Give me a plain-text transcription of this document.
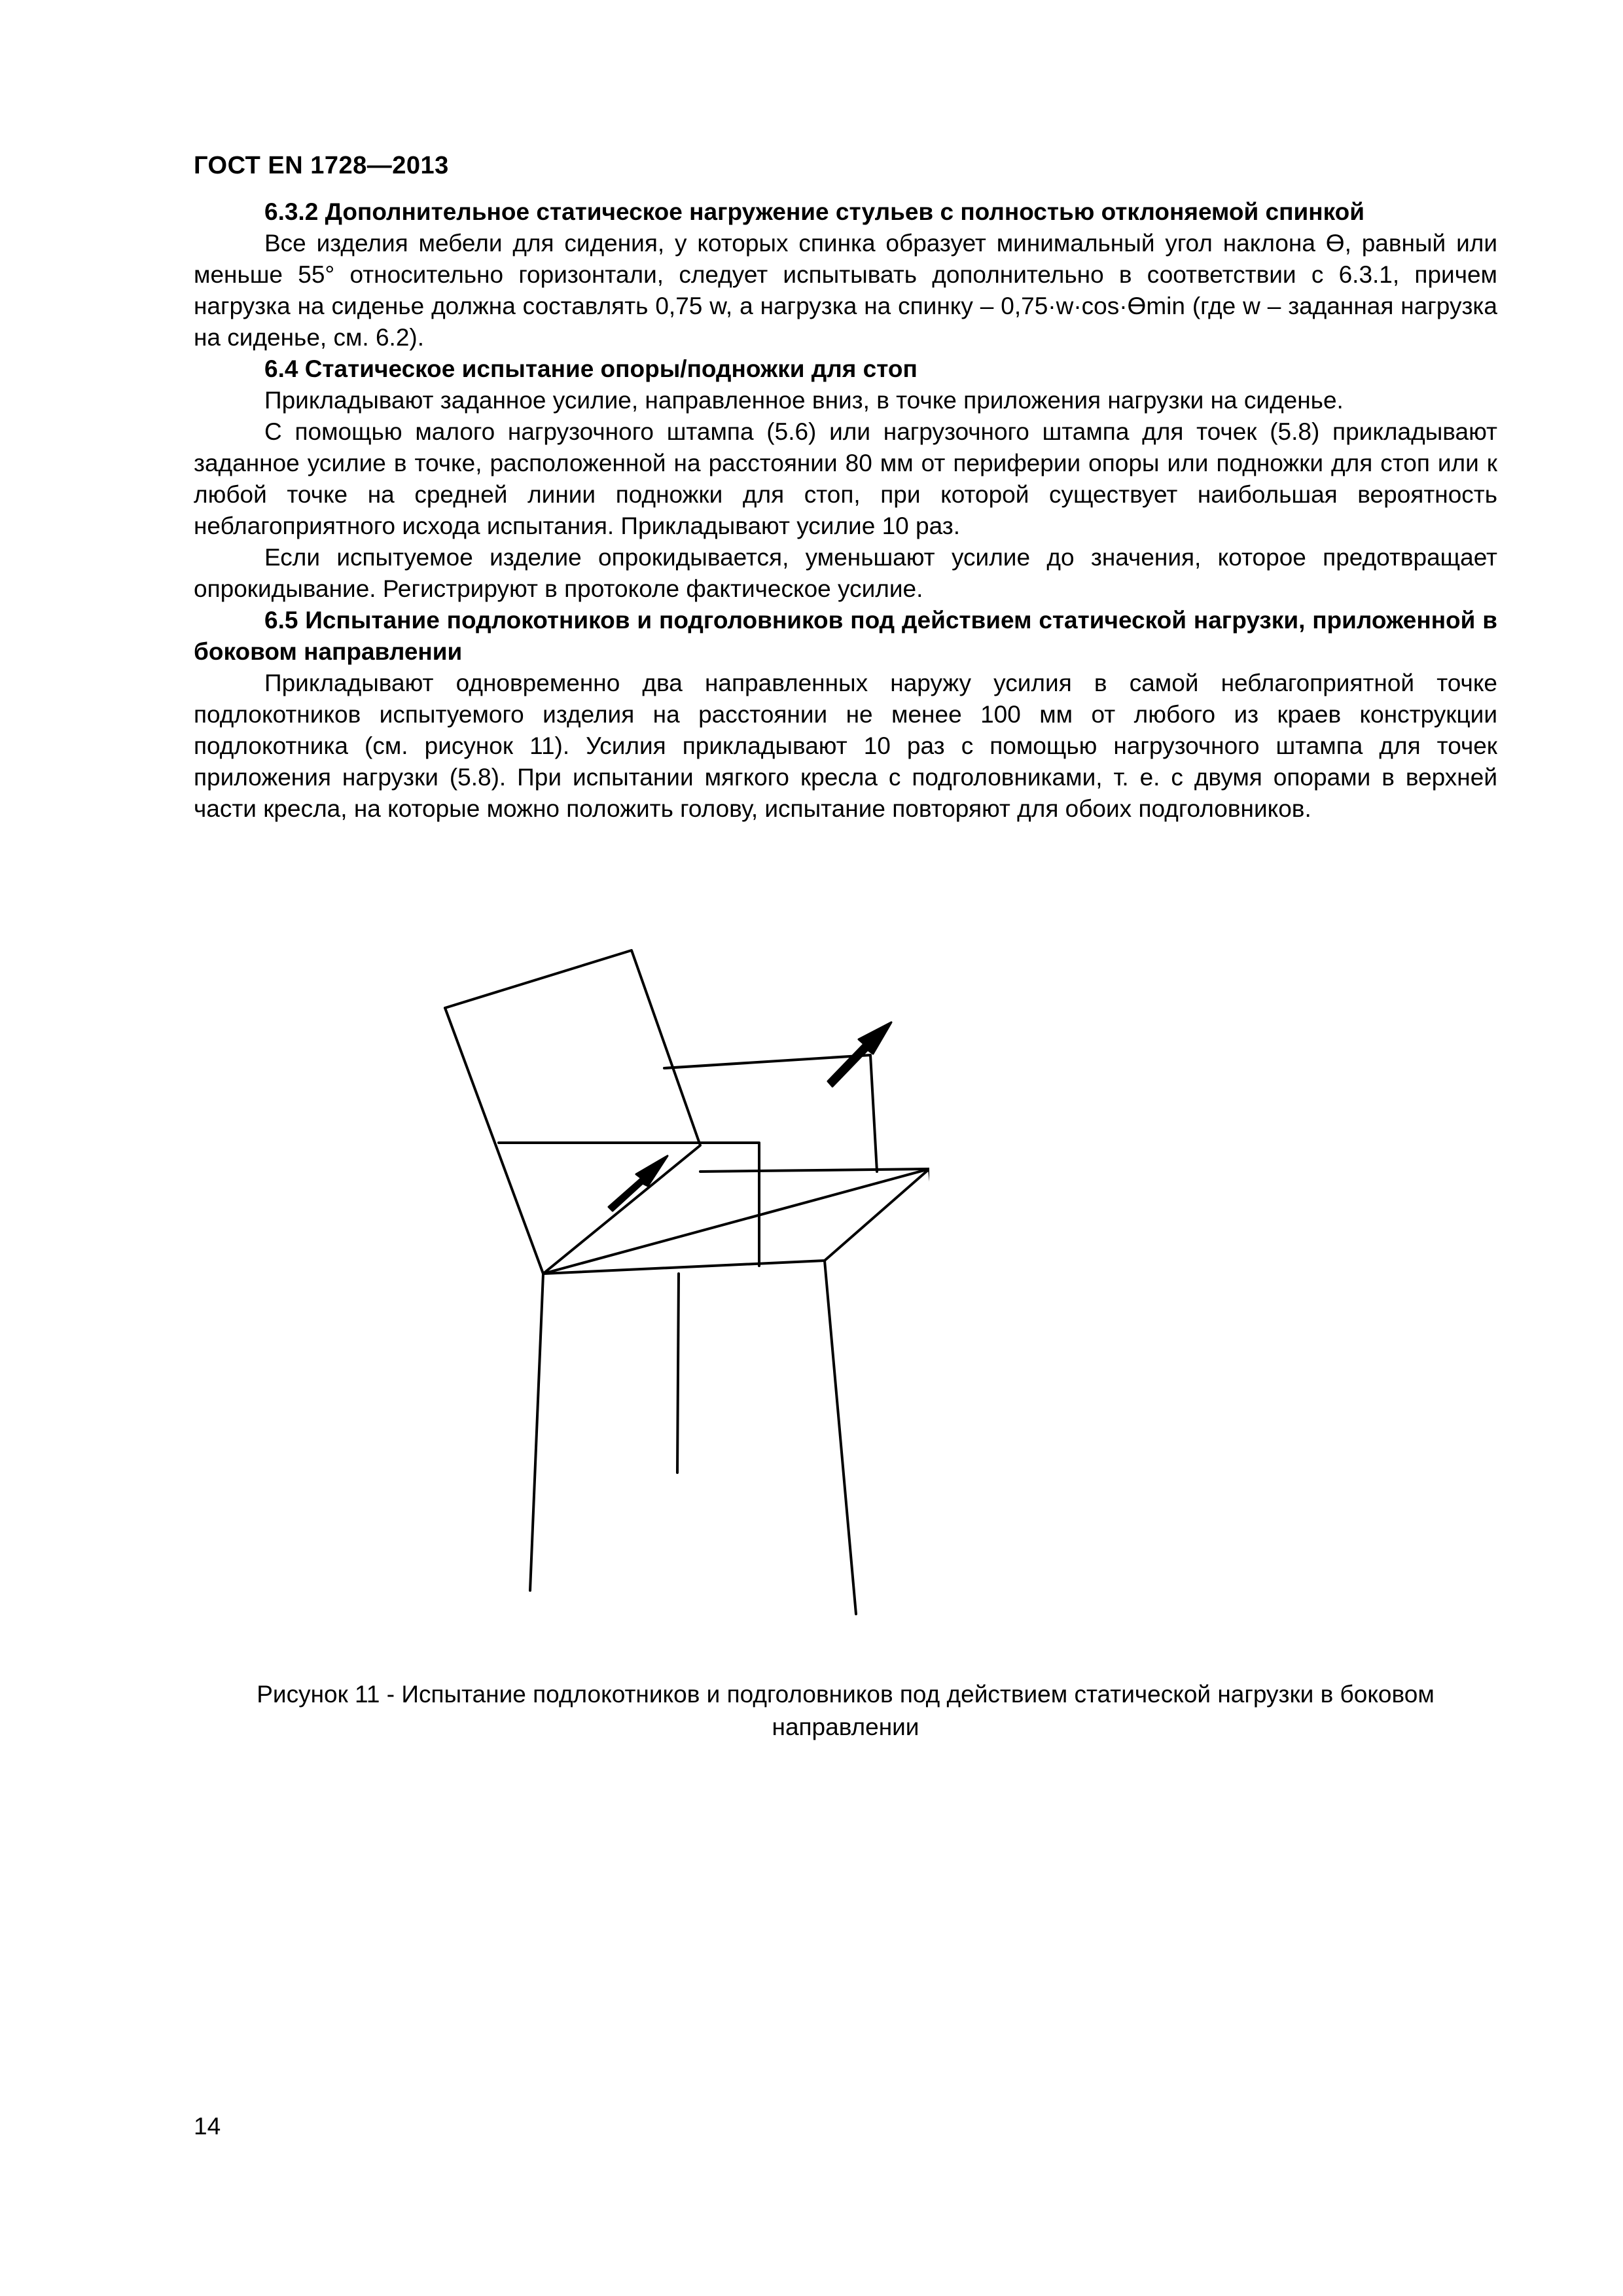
ГОСТ EN 1728—2013

6.3.2 Дополнительное статическое нагружение стульев с полностью отклоняемой спинкой

Все изделия мебели для сидения, у которых спинка образует минимальный угол наклона Ө, равный или меньше 55° относительно горизонтали, следует испытывать дополнительно в соответствии с 6.3.1, причем нагрузка на сиденье должна составлять 0,75 w, а нагрузка на спинку – 0,75·w·cos·Өmin (где w – заданная нагрузка на сиденье, см. 6.2).

6.4 Статическое испытание опоры/подножки для стоп

Прикладывают заданное усилие, направленное вниз, в точке приложения нагрузки на сиденье.

С помощью малого нагрузочного штампа (5.6) или нагрузочного штампа для точек (5.8) прикладывают заданное усилие в точке, расположенной на расстоянии 80 мм от периферии опоры или подножки для стоп или к любой точке на средней линии подножки для стоп, при которой существует наибольшая вероятность неблагоприятного исхода испытания. Прикладывают усилие 10 раз.

Если испытуемое изделие опрокидывается, уменьшают усилие до значения, которое предотвращает опрокидывание. Регистрируют в протоколе фактическое усилие.

6.5 Испытание подлокотников и подголовников под действием статической нагрузки, приложенной в боковом направлении

Прикладывают одновременно два направленных наружу усилия в самой неблагоприятной точке подлокотников испытуемого изделия на расстоянии не менее 100 мм от любого из краев конструкции подлокотника (см. рисунок 11). Усилия прикладывают 10 раз с помощью нагрузочного штампа для точек приложения нагрузки (5.8). При испытании мягкого кресла с подголовниками, т. е. с двумя опорами в верхней части кресла, на которые можно положить голову, испытание повторяют для обоих подголовников.

Рисунок 11 - Испытание подлокотников и подголовников под действием статической нагрузки в боковом направлении
14
